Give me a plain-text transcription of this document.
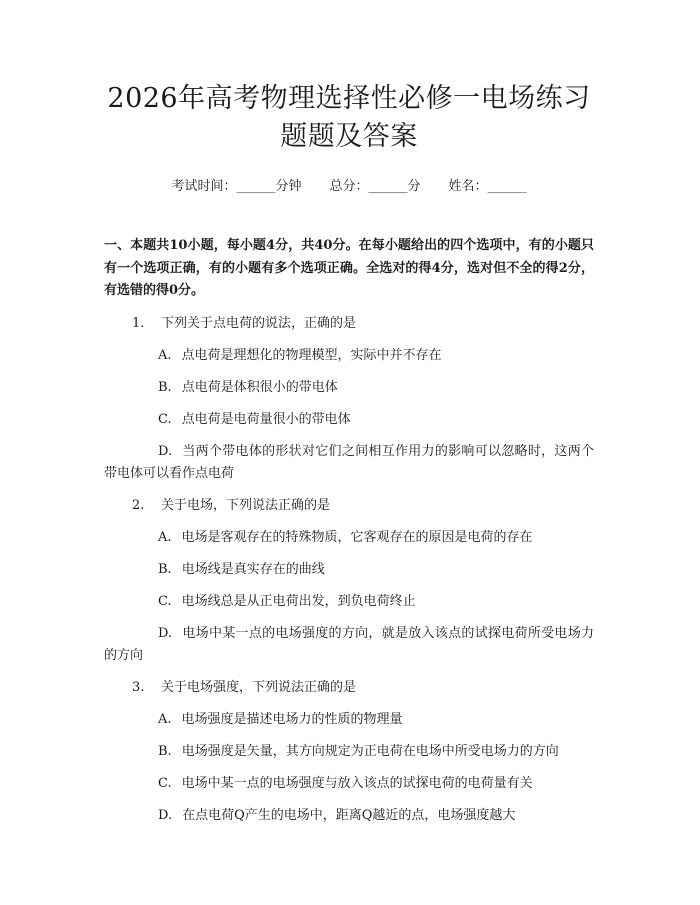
2026年高考物理选择性必修一电场练习题题及答案
考试时间：______分钟 总分：______分 姓名：______
一、本题共10小题，每小题4分，共40分。在每小题给出的四个选项中，有的小题只有一个选项正确，有的小题有多个选项正确。全选对的得4分，选对但不全的得2分，有选错的得0分。
1. 下列关于点电荷的说法，正确的是
A. 点电荷是理想化的物理模型，实际中并不存在
B. 点电荷是体积很小的带电体
C. 点电荷是电荷量很小的带电体
D. 当两个带电体的形状对它们之间相互作用力的影响可以忽略时，这两个带电体可以看作点电荷
2. 关于电场，下列说法正确的是
A. 电场是客观存在的特殊物质，它客观存在的原因是电荷的存在
B. 电场线是真实存在的曲线
C. 电场线总是从正电荷出发，到负电荷终止
D. 电场中某一点的电场强度的方向，就是放入该点的试探电荷所受电场力的方向
3. 关于电场强度，下列说法正确的是
A. 电场强度是描述电场力的性质的物理量
B. 电场强度是矢量，其方向规定为正电荷在电场中所受电场力的方向
C. 电场中某一点的电场强度与放入该点的试探电荷的电荷量有关
D. 在点电荷Q产生的电场中，距离Q越近的点，电场强度越大
